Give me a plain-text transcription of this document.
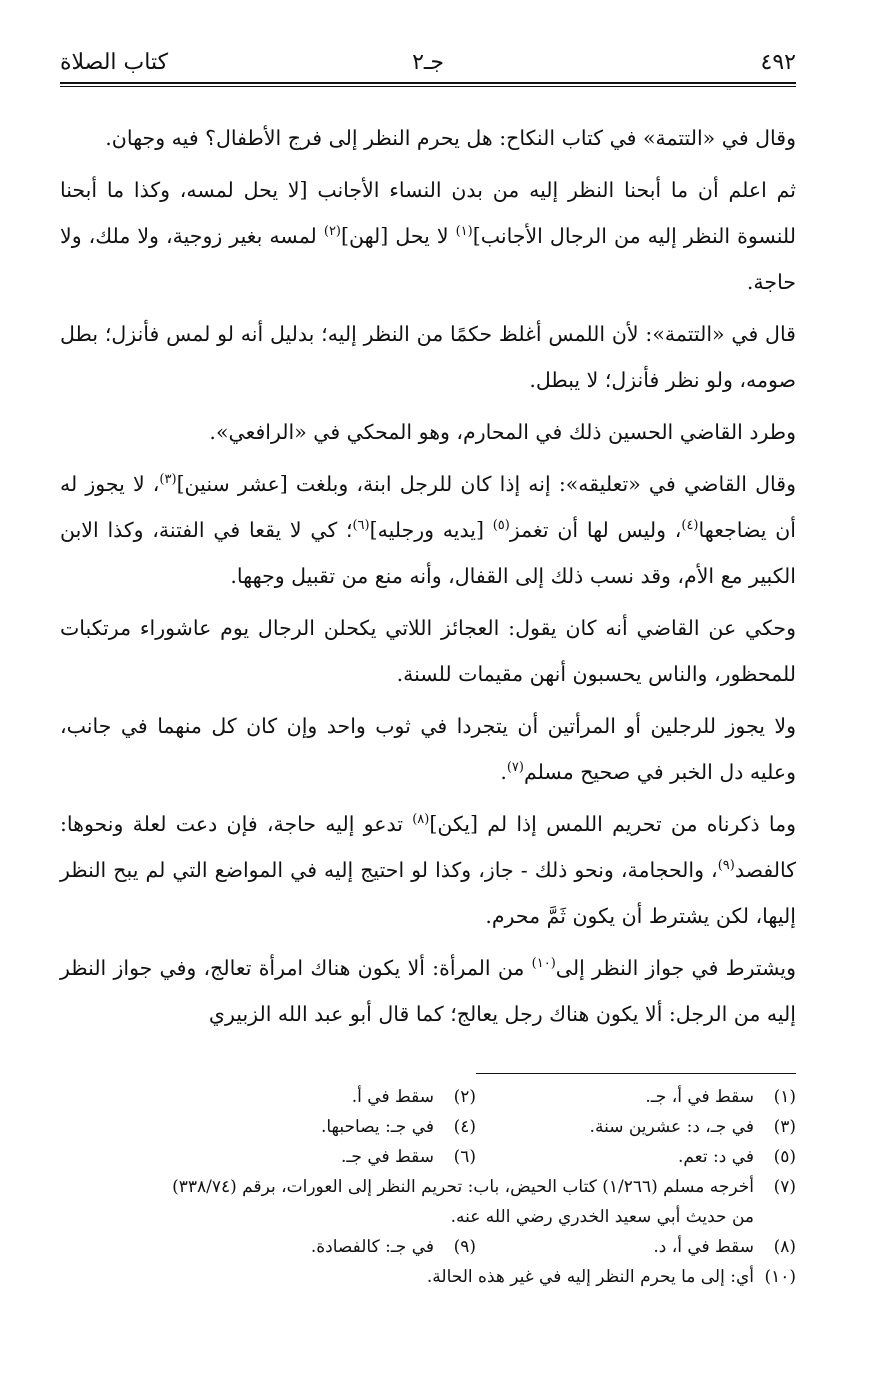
٤٩٢
جـ٢
كتاب الصلاة

وقال في «التتمة» في كتاب النكاح: هل يحرم النظر إلى فرج الأطفال؟ فيه وجهان.

ثم اعلم أن ما أبحنا النظر إليه من بدن النساء الأجانب [لا يحل لمسه، وكذا ما أبحنا للنسوة النظر إليه من الرجال الأجانب]$^{(١)}$ لا يحل [لهن]$^{(٢)}$ لمسه بغير زوجية، ولا ملك، ولا حاجة.

قال في «التتمة»: لأن اللمس أغلظ حكمًا من النظر إليه؛ بدليل أنه لو لمس فأنزل؛ بطل صومه، ولو نظر فأنزل؛ لا يبطل.

وطرد القاضي الحسين ذلك في المحارم، وهو المحكي في «الرافعي».

وقال القاضي في «تعليقه»: إنه إذا كان للرجل ابنة، وبلغت [عشر سنين]$^{(٣)}$، لا يجوز له أن يضاجعها$^{(٤)}$، وليس لها أن تغمز$^{(٥)}$ [يديه ورجليه]$^{(٦)}$؛ كي لا يقعا في الفتنة، وكذا الابن الكبير مع الأم، وقد نسب ذلك إلى القفال، وأنه منع من تقبيل وجهها.

وحكي عن القاضي أنه كان يقول: العجائز اللاتي يكحلن الرجال يوم عاشوراء مرتكبات للمحظور، والناس يحسبون أنهن مقيمات للسنة.

ولا يجوز للرجلين أو المرأتين أن يتجردا في ثوب واحد وإن كان كل منهما في جانب، وعليه دل الخبر في صحيح مسلم$^{(٧)}$.

وما ذكرناه من تحريم اللمس إذا لم [يكن]$^{(٨)}$ تدعو إليه حاجة، فإن دعت لعلة ونحوها: كالفصد$^{(٩)}$، والحجامة، ونحو ذلك - جاز، وكذا لو احتيج إليه في المواضع التي لم يبح النظر إليها، لكن يشترط أن يكون ثَمَّ محرم.

ويشترط في جواز النظر إلى$^{(١٠)}$ من المرأة: ألا يكون هناك امرأة تعالج، وفي جواز النظر إليه من الرجل: ألا يكون هناك رجل يعالج؛ كما قال أبو عبد الله الزبيري

(١)
سقط في أ، جـ.
(٢)
سقط في أ.
(٣)
في جـ، د: عشرين سنة.
(٤)
في جـ: يصاحبها.
(٥)
في د: تعم.
(٦)
سقط في جـ.
(٧)
أخرجه مسلم (١/٢٦٦) كتاب الحيض، باب: تحريم النظر إلى العورات، برقم (٣٣٨/٧٤)
من حديث أبي سعيد الخدري رضي الله عنه.
(٨)
سقط في أ، د.
(٩)
في جـ: كالفصادة.
(١٠)
أي: إلى ما يحرم النظر إليه في غير هذه الحالة.
